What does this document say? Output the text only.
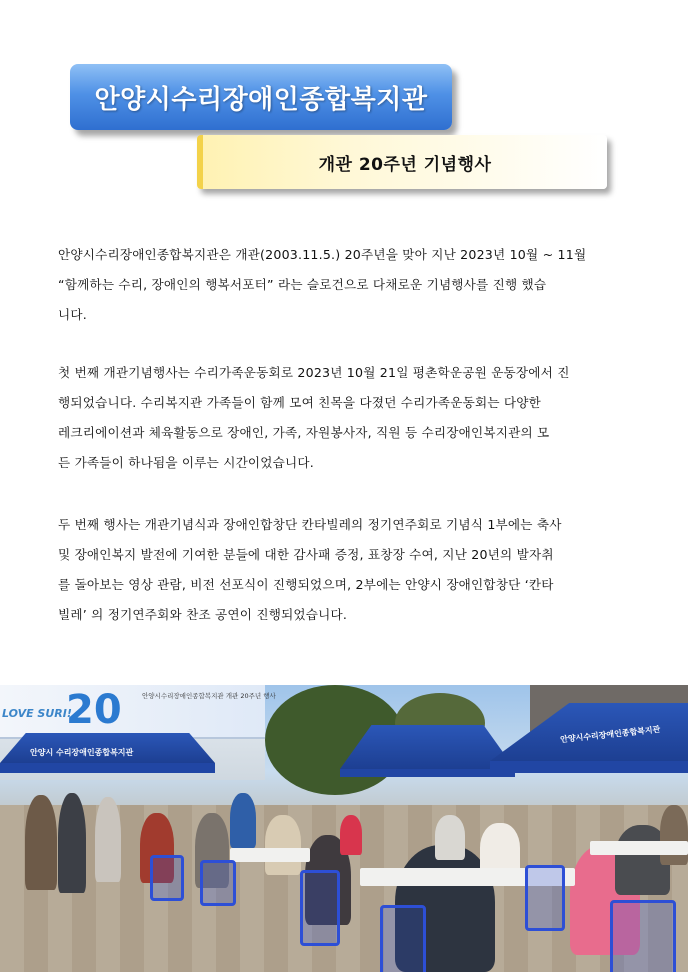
안양시수리장애인종합복지관
개관 20주년 기념행사

안양시수리장애인종합복지관은 개관(2003.11.5.) 20주년을 맞아 지난 2023년 10월 ~ 11월

“함께하는 수리, 장애인의 행복서포터” 라는 슬로건으로 다채로운 기념행사를 진행 했습

니다.

첫 번째 개관기념행사는 수리가족운동회로 2023년 10월 21일 평촌학운공원 운동장에서 진

행되었습니다. 수리복지관 가족들이 함께 모여 친목을 다졌던 수리가족운동회는 다양한

레크리에이션과 체육활동으로 장애인, 가족, 자원봉사자, 직원 등 수리장애인복지관의 모

든 가족들이 하나됨을 이루는 시간이었습니다.

두 번째 행사는 개관기념식과 장애인합창단 칸타빌레의 정기연주회로 기념식 1부에는 축사

및 장애인복지 발전에 기여한 분들에 대한 감사패 증정, 표창장 수여, 지난 20년의 발자취

를 돌아보는 영상 관람, 비전 선포식이 진행되었으며, 2부에는 안양시 장애인합창단 ‘칸타

빌레’ 의 정기연주회와 찬조 공연이 진행되었습니다.

LOVE SURI!
20	안양시수리장애인종합복지관 개관 20주년 행사
안양시 수리장애인종합복지관
안양시수리장애인종합복지관
